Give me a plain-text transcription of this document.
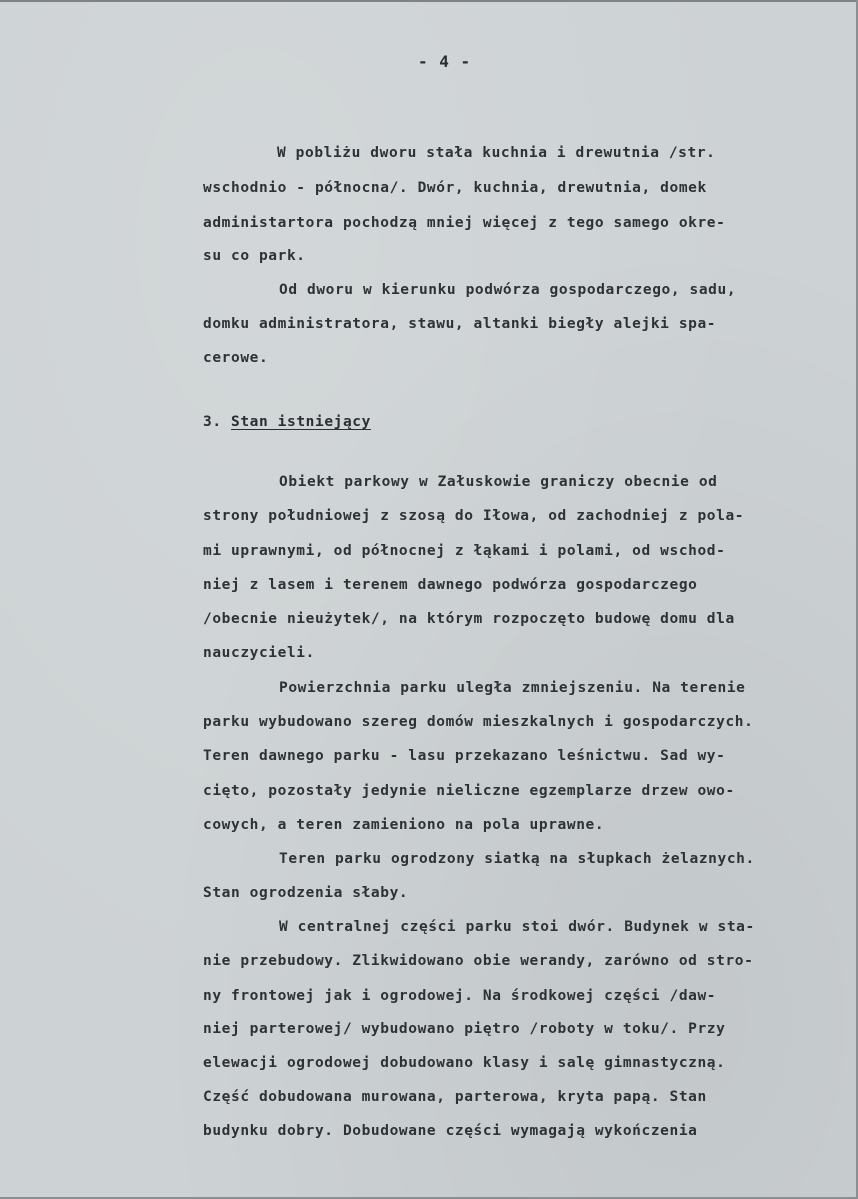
- 4 -
W pobliżu dworu stała kuchnia i drewutnia /str.
wschodnio - północna/. Dwór, kuchnia, drewutnia, domek
administartora pochodzą mniej więcej z tego samego okre-
su co park.
Od dworu w kierunku podwórza gospodarczego, sadu,
domku administratora, stawu, altanki biegły alejki spa-
cerowe.
3. Stan istniejący
Obiekt parkowy w Załuskowie graniczy obecnie od
strony południowej z szosą do Iłowa, od zachodniej z pola-
mi uprawnymi, od północnej z łąkami i polami, od wschod-
niej z lasem i terenem dawnego podwórza gospodarczego
/obecnie nieużytek/, na którym rozpoczęto budowę domu dla
nauczycieli.
Powierzchnia parku uległa zmniejszeniu. Na terenie
parku wybudowano szereg domów mieszkalnych i gospodarczych.
Teren dawnego parku - lasu przekazano leśnictwu. Sad wy-
cięto, pozostały jedynie nieliczne egzemplarze drzew owo-
cowych, a teren zamieniono na pola uprawne.
Teren parku ogrodzony siatką na słupkach żelaznych.
Stan ogrodzenia słaby.
W centralnej części parku stoi dwór. Budynek w sta-
nie przebudowy. Zlikwidowano obie werandy, zarówno od stro-
ny frontowej jak i ogrodowej. Na środkowej części /daw-
niej parterowej/ wybudowano piętro /roboty w toku/. Przy
elewacji ogrodowej dobudowano klasy i salę gimnastyczną.
Część dobudowana murowana, parterowa, kryta papą. Stan
budynku dobry. Dobudowane części wymagają wykończenia
